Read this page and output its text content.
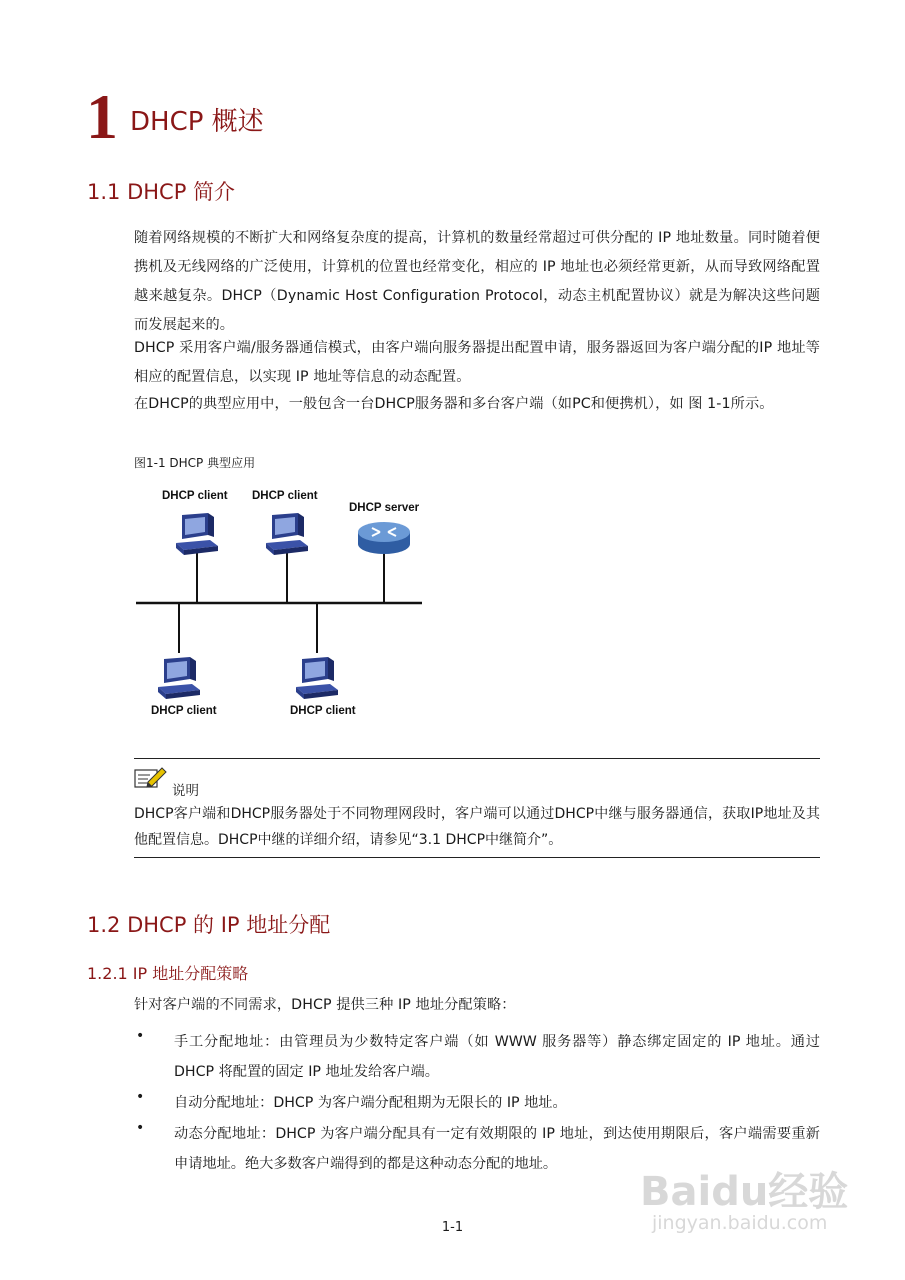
1 DHCP 概述
1.1 DHCP 简介
随着网络规模的不断扩大和网络复杂度的提高，计算机的数量经常超过可供分配的 IP 地址数量。同时随着便携机及无线网络的广泛使用，计算机的位置也经常变化，相应的 IP 地址也必须经常更新，从而导致网络配置越来越复杂。DHCP（Dynamic Host Configuration Protocol，动态主机配置协议）就是为解决这些问题而发展起来的。
DHCP 采用客户端/服务器通信模式，由客户端向服务器提出配置申请，服务器返回为客户端分配的IP 地址等相应的配置信息，以实现 IP 地址等信息的动态配置。
在DHCP的典型应用中，一般包含一台DHCP服务器和多台客户端（如PC和便携机），如 图 1-1所示。
图1-1 DHCP 典型应用
DHCP client DHCP client
DHCP server
DHCP client	DHCP client
说明
DHCP客户端和DHCP服务器处于不同物理网段时，客户端可以通过DHCP中继与服务器通信，获取IP地址及其他配置信息。DHCP中继的详细介绍，请参见“3.1 DHCP中继简介”。
1.2 DHCP 的 IP 地址分配
1.2.1 IP 地址分配策略
针对客户端的不同需求，DHCP 提供三种 IP 地址分配策略：
• 手工分配地址：由管理员为少数特定客户端（如 WWW 服务器等）静态绑定固定的 IP 地址。通过 DHCP 将配置的固定 IP 地址发给客户端。
• 自动分配地址：DHCP 为客户端分配租期为无限长的 IP 地址。
• 动态分配地址：DHCP 为客户端分配具有一定有效期限的 IP 地址，到达使用期限后，客户端需要重新申请地址。绝大多数客户端得到的都是这种动态分配的地址。
1-1
Baidu经验
jingyan.baidu.com
